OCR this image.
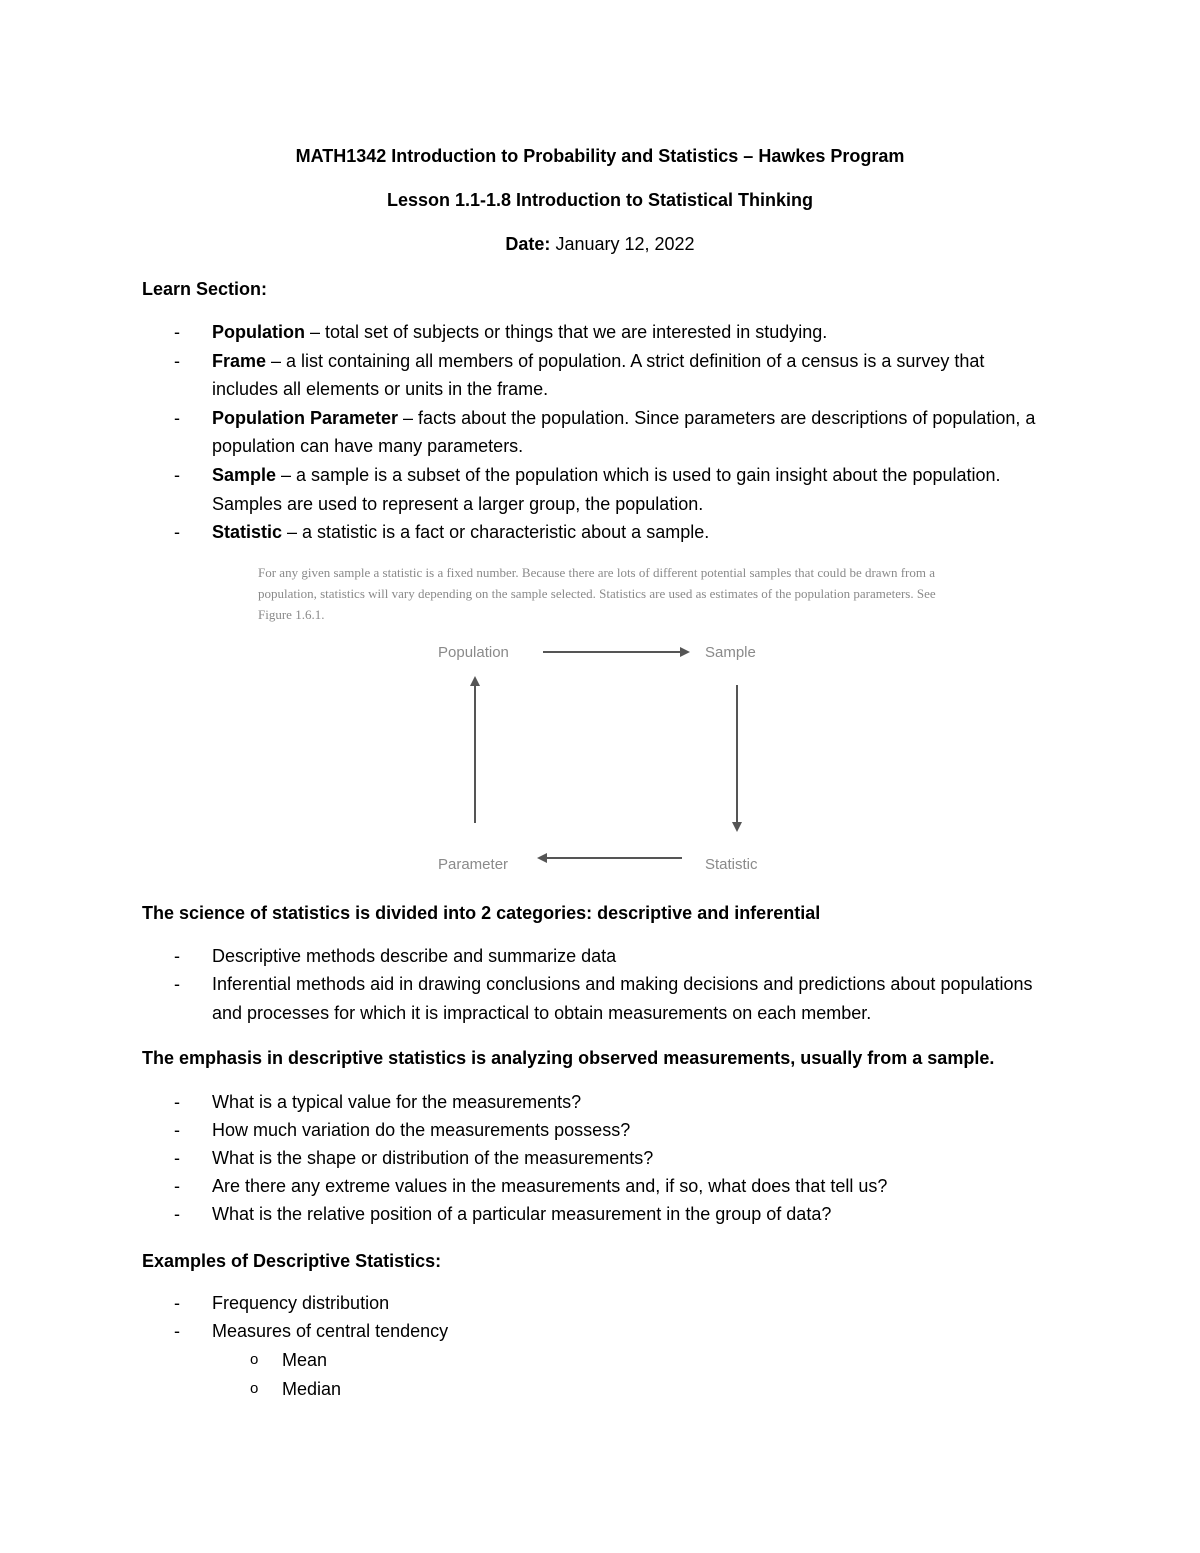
MATH1342 Introduction to Probability and Statistics – Hawkes Program
Lesson 1.1-1.8 Introduction to Statistical Thinking
Date: January 12, 2022
Learn Section:
- Population – total set of subjects or things that we are interested in studying.
- Frame – a list containing all members of population. A strict definition of a census is a survey that includes all elements or units in the frame.
- Population Parameter – facts about the population. Since parameters are descriptions of population, a population can have many parameters.
- Sample – a sample is a subset of the population which is used to gain insight about the population. Samples are used to represent a larger group, the population.
- Statistic – a statistic is a fact or characteristic about a sample.
For any given sample a statistic is a fixed number. Because there are lots of different potential samples that could be drawn from a population, statistics will vary depending on the sample selected. Statistics are used as estimates of the population parameters. See Figure 1.6.1.
Population	Sample
Parameter	Statistic
The science of statistics is divided into 2 categories: descriptive and inferential
- Descriptive methods describe and summarize data
- Inferential methods aid in drawing conclusions and making decisions and predictions about populations and processes for which it is impractical to obtain measurements on each member.
The emphasis in descriptive statistics is analyzing observed measurements, usually from a sample.
- What is a typical value for the measurements?
- How much variation do the measurements possess?
- What is the shape or distribution of the measurements?
- Are there any extreme values in the measurements and, if so, what does that tell us?
- What is the relative position of a particular measurement in the group of data?
Examples of Descriptive Statistics:
- Frequency distribution
- Measures of central tendency
o Mean
o Median
